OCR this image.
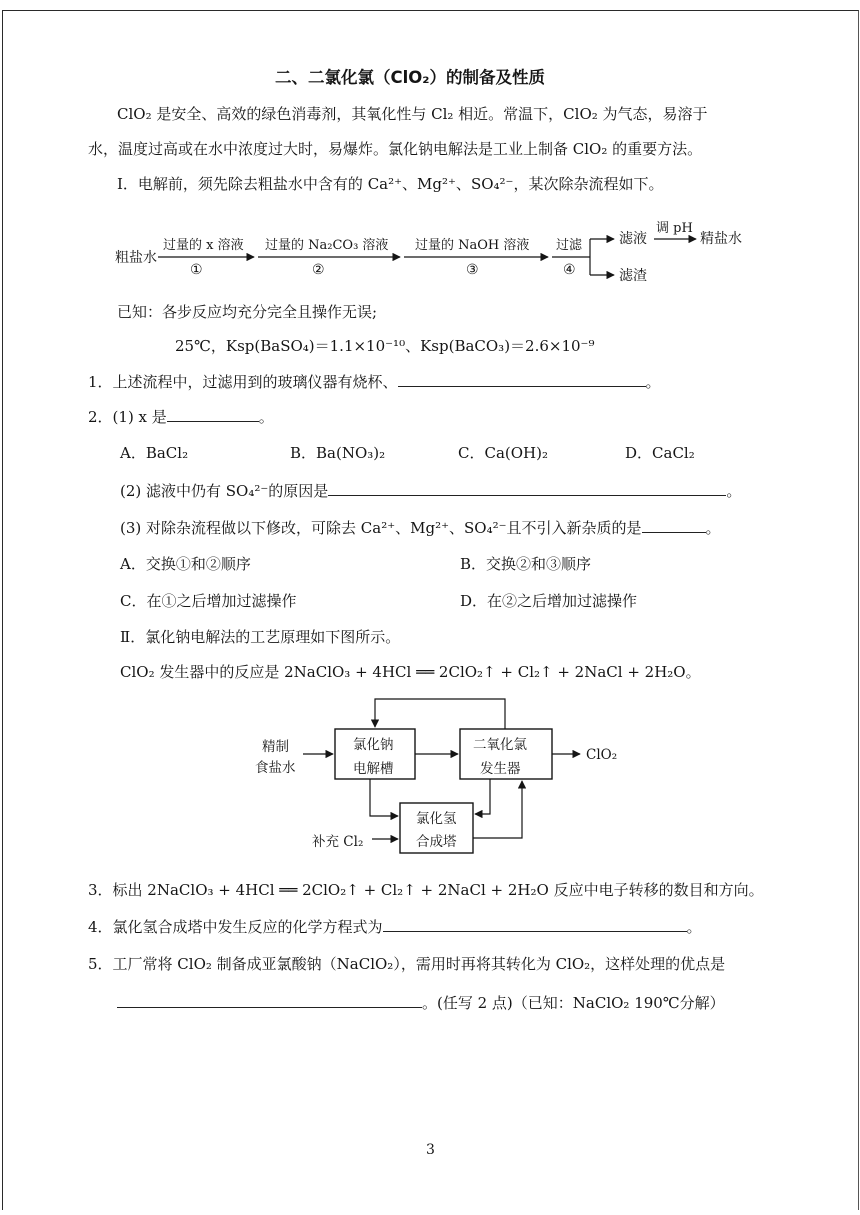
二、二氯化氯（ClO₂）的制备及性质
ClO₂ 是安全、高效的绿色消毒剂，其氧化性与 Cl₂ 相近。常温下，ClO₂ 为气态，易溶于
水，温度过高或在水中浓度过大时，易爆炸。氯化钠电解法是工业上制备 ClO₂ 的重要方法。
Ⅰ．电解前，须先除去粗盐水中含有的 Ca²⁺、Mg²⁺、SO₄²⁻，某次除杂流程如下。
粗盐水
过量的 x 溶液
①
过量的 Na₂CO₃ 溶液
②
过量的 NaOH 溶液
③
过滤
④
滤液
滤渣
调 pH
精盐水
已知：各步反应均充分完全且操作无误;
25℃，Ksp(BaSO₄)＝1.1×10⁻¹⁰、Ksp(BaCO₃)＝2.6×10⁻⁹
1．上述流程中，过滤用到的玻璃仪器有烧杯、	。
2．(1) x 是	。
A．BaCl₂	B．Ba(NO₃)₂	C．Ca(OH)₂	D．CaCl₂
(2) 滤液中仍有 SO₄²⁻的原因是	。
(3) 对除杂流程做以下修改，可除去 Ca²⁺、Mg²⁺、SO₄²⁻且不引入新杂质的是	。
A．交换①和②顺序	B．交换②和③顺序
C．在①之后增加过滤操作	D．在②之后增加过滤操作
Ⅱ．氯化钠电解法的工艺原理如下图所示。
ClO₂ 发生器中的反应是 2NaClO₃ + 4HCl ══ 2ClO₂↑ + Cl₂↑ + 2NaCl + 2H₂O。
精制
食盐水
氯化钠
电解槽
二氧化氯
发生器
氯化氢
合成塔
ClO₂
补充 Cl₂
3．标出 2NaClO₃ + 4HCl ══ 2ClO₂↑ + Cl₂↑ + 2NaCl + 2H₂O 反应中电子转移的数目和方向。
4．氯化氢合成塔中发生反应的化学方程式为	。
5．工厂常将 ClO₂ 制备成亚氯酸钠（NaClO₂），需用时再将其转化为 ClO₂，这样处理的优点是
。(任写 2 点)（已知：NaClO₂ 190℃分解）
3
